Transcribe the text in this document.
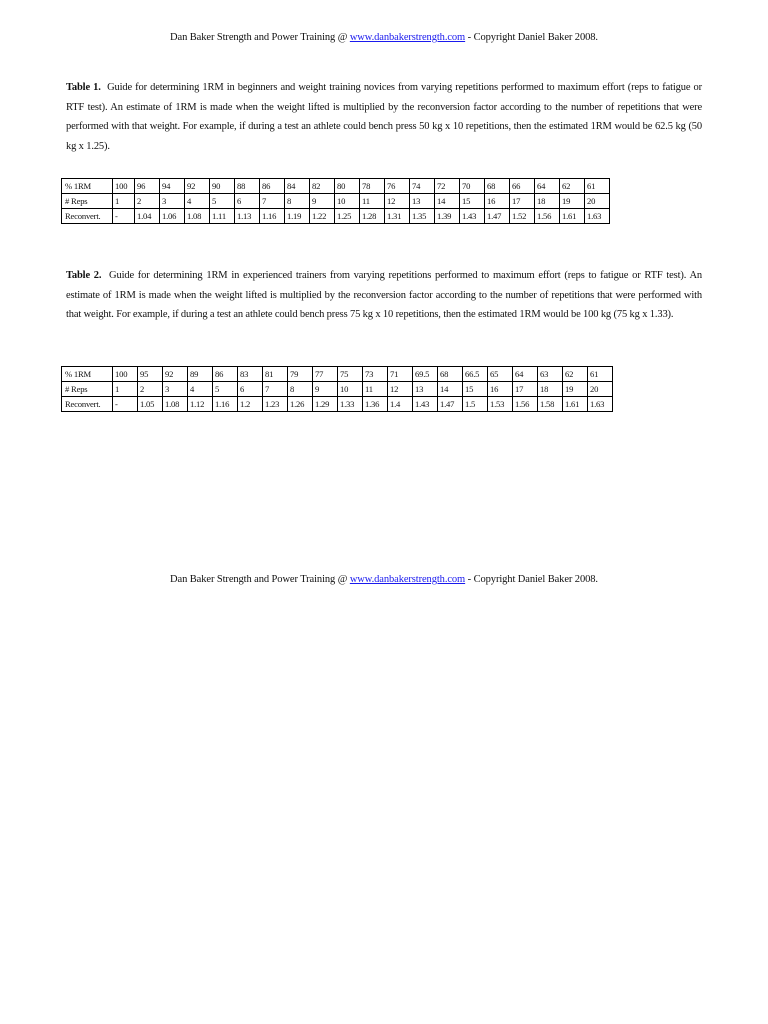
Dan Baker Strength and Power Training @ www.danbakerstrength.com - Copyright Daniel Baker 2008.
Table 1. Guide for determining 1RM in beginners and weight training novices from varying repetitions performed to maximum effort (reps to fatigue or RTF test). An estimate of 1RM is made when the weight lifted is multiplied by the reconversion factor according to the number of repetitions that were performed with that weight. For example, if during a test an athlete could bench press 50 kg x 10 repetitions, then the estimated 1RM would be 62.5 kg (50 kg x 1.25).
% 1RM	100	96	94	92	90	88	86	84	82	80	78	76	74	72	70	68	66	64	62	61
# Reps	1	2	3	4	5	6	7	8	9	10	11	12	13	14	15	16	17	18	19	20
Reconvert.	-	1.04	1.06	1.08	1.11	1.13	1.16	1.19	1.22	1.25	1.28	1.31	1.35	1.39	1.43	1.47	1.52	1.56	1.61	1.63
Table 2. Guide for determining 1RM in experienced trainers from varying repetitions performed to maximum effort (reps to fatigue or RTF test). An estimate of 1RM is made when the weight lifted is multiplied by the reconversion factor according to the number of repetitions that were performed with that weight. For example, if during a test an athlete could bench press 75 kg x 10 repetitions, then the estimated 1RM would be 100 kg (75 kg x 1.33).
% 1RM	100	95	92	89	86	83	81	79	77	75	73	71	69.5	68	66.5	65	64	63	62	61
# Reps	1	2	3	4	5	6	7	8	9	10	11	12	13	14	15	16	17	18	19	20
Reconvert.	-	1.05	1.08	1.12	1.16	1.2	1.23	1.26	1.29	1.33	1.36	1.4	1.43	1.47	1.5	1.53	1.56	1.58	1.61	1.63
Dan Baker Strength and Power Training @ www.danbakerstrength.com - Copyright Daniel Baker 2008.
